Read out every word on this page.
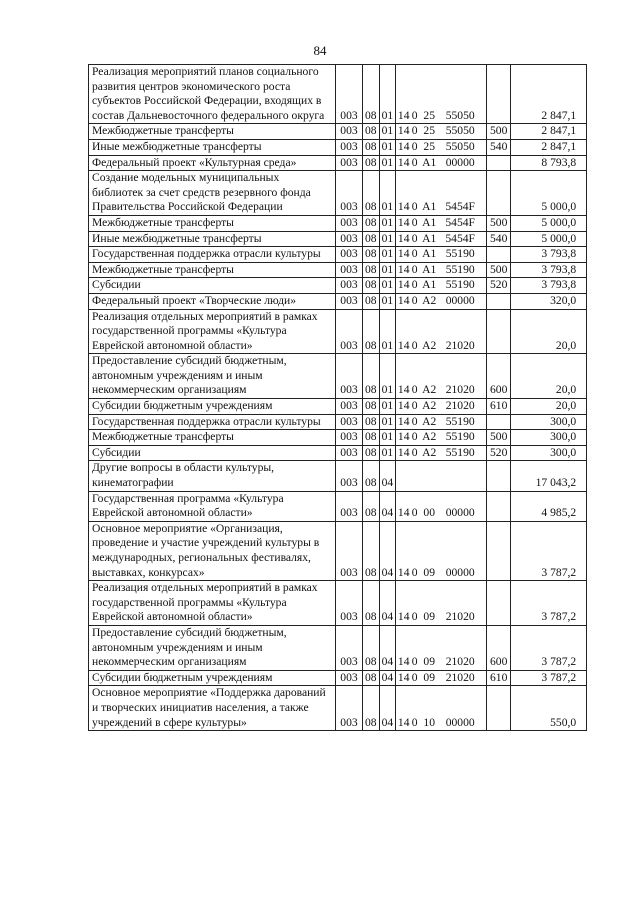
84
Реализация мероприятий планов социального развития центров экономического роста субъектов Российской Федерации, входящих в состав Дальневосточного федерального округа	003	08	01	14 0 25 55050		2 847,1
Межбюджетные трансферты	003	08	01	14 0 25 55050	500	2 847,1
Иные межбюджетные трансферты	003	08	01	14 0 25 55050	540	2 847,1
Федеральный проект «Культурная среда»	003	08	01	14 0 A1 00000		8 793,8
Создание модельных муниципальных библиотек за счет средств резервного фонда Правительства Российской Федерации	003	08	01	14 0 A1 5454F		5 000,0
Межбюджетные трансферты	003	08	01	14 0 A1 5454F	500	5 000,0
Иные межбюджетные трансферты	003	08	01	14 0 A1 5454F	540	5 000,0
Государственная поддержка отрасли культуры	003	08	01	14 0 A1 55190		3 793,8
Межбюджетные трансферты	003	08	01	14 0 A1 55190	500	3 793,8
Субсидии	003	08	01	14 0 A1 55190	520	3 793,8
Федеральный проект «Творческие люди»	003	08	01	14 0 A2 00000		320,0
Реализация отдельных мероприятий в рамках государственной программы «Культура Еврейской автономной области»	003	08	01	14 0 A2 21020		20,0
Предоставление субсидий бюджетным, автономным учреждениям и иным некоммерческим организациям	003	08	01	14 0 A2 21020	600	20,0
Субсидии бюджетным учреждениям	003	08	01	14 0 A2 21020	610	20,0
Государственная поддержка отрасли культуры	003	08	01	14 0 A2 55190		300,0
Межбюджетные трансферты	003	08	01	14 0 A2 55190	500	300,0
Субсидии	003	08	01	14 0 A2 55190	520	300,0
Другие вопросы в области культуры, кинематографии	003	08	04			17 043,2
Государственная программа «Культура Еврейской автономной области»	003	08	04	14 0 00 00000		4 985,2
Основное мероприятие «Организация, проведение и участие учреждений культуры в международных, региональных фестивалях, выставках, конкурсах»	003	08	04	14 0 09 00000		3 787,2
Реализация отдельных мероприятий в рамках государственной программы «Культура Еврейской автономной области»	003	08	04	14 0 09 21020		3 787,2
Предоставление субсидий бюджетным, автономным учреждениям и иным некоммерческим организациям	003	08	04	14 0 09 21020	600	3 787,2
Субсидии бюджетным учреждениям	003	08	04	14 0 09 21020	610	3 787,2
Основное мероприятие «Поддержка дарований и творческих инициатив населения, а также учреждений в сфере культуры»	003	08	04	14 0 10 00000		550,0
